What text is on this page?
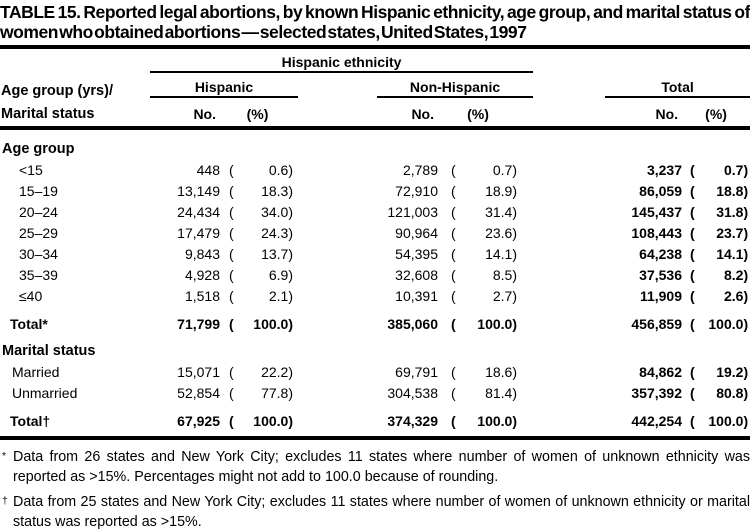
TABLE 15. Reported legal abortions, by known Hispanic ethnicity, age group, and marital status of women who obtained abortions — selected states, United States, 1997

	Hispanic ethnicity							

Age group (yrs)/	Hispanic			Non-Hispanic			Total	

Marital status	No.	(%)		No.	(%)		No.	(%)
Age group								
<15	448	( 0.6 )		2,789	( 0.7 )		3,237	( 0.7 )

15–19	13,149	( 18.3 )		72,910	( 18.9 )		86,059	( 18.8 )

20–24	24,434	( 34.0 )		121,003	( 31.4 )		145,437	( 31.8 )

25–29	17,479	( 24.3 )		90,964	( 23.6 )		108,443	( 23.7 )

30–34	9,843	( 13.7 )		54,395	( 14.1 )		64,238	( 14.1 )

35–39	4,928	( 6.9 )		32,608	( 8.5 )		37,536	( 8.2 )

≤40	1,518	( 2.1 )		10,391	( 2.7 )		11,909	( 2.6 )

Total*	71,799	( 100.0 )		385,060	( 100.0 )		456,859	( 100.0 )

Marital status								
Married	15,071	( 22.2 )		69,791	( 18.6 )		84,862	( 19.2 )

Unmarried	52,854	( 77.8 )		304,538	( 81.4 )		357,392	( 80.8 )

Total†	67,925	( 100.0 )		374,329	( 100.0 )		442,254	( 100.0 )
* Data from 26 states and New York City; excludes 11 states where number of women of unknown ethnicity was reported as >15%. Percentages might not add to 100.0 because of rounding.
† Data from 25 states and New York City; excludes 11 states where number of women of unknown ethnicity or marital status was reported as >15%.
